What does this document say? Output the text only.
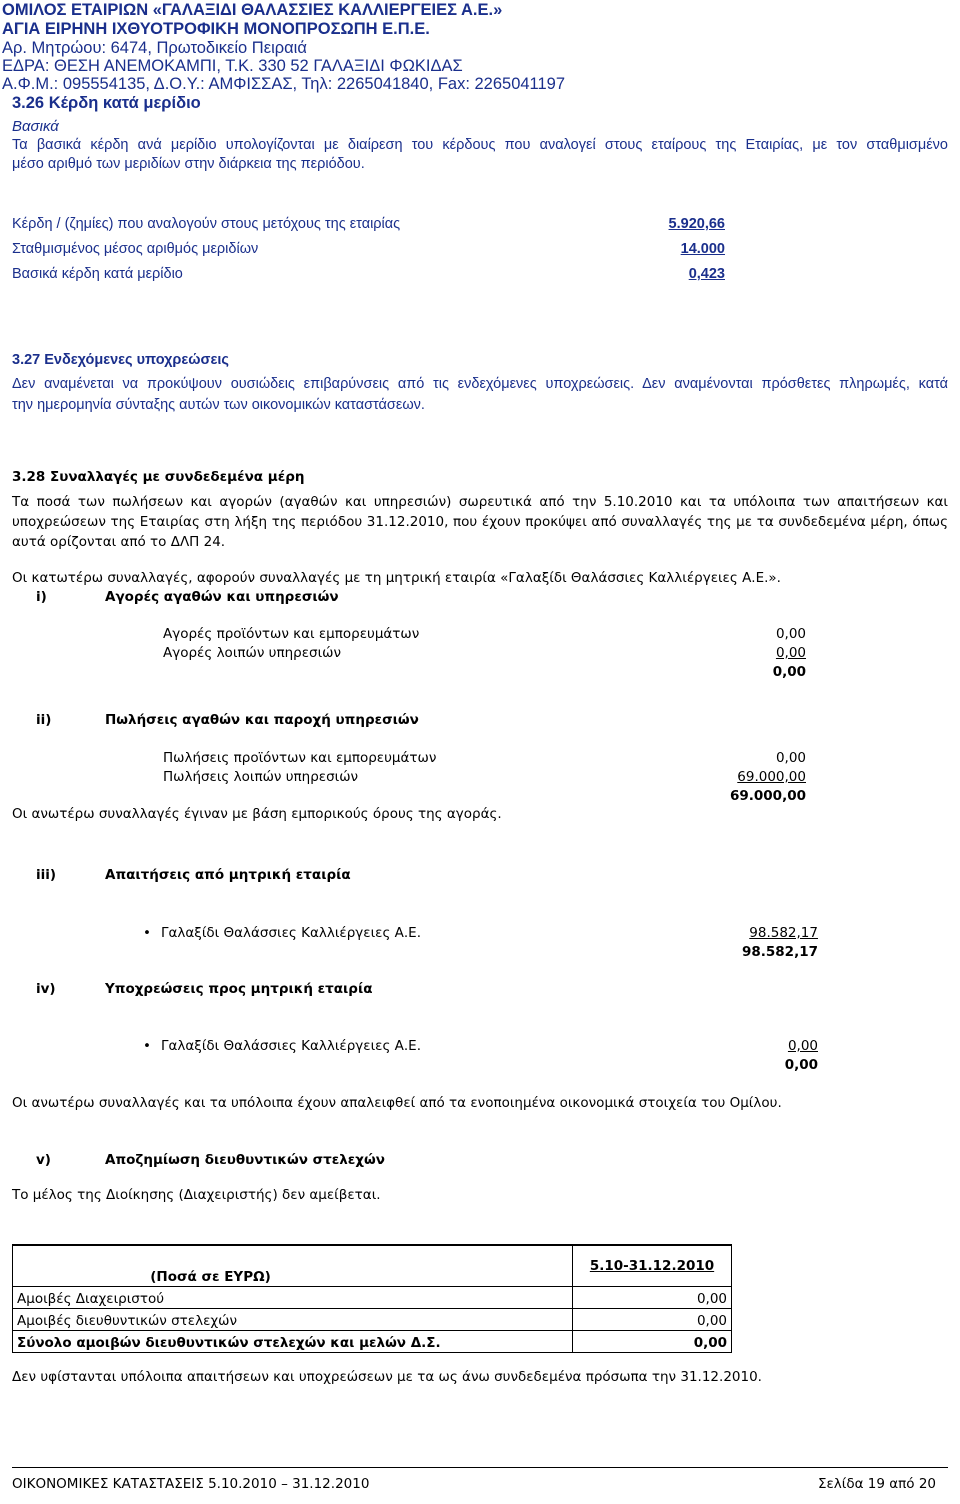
ΟΜΙΛΟΣ ΕΤΑΙΡΙΩΝ «ΓΑΛΑΞΙΔΙ ΘΑΛΑΣΣΙΕΣ ΚΑΛΛΙΕΡΓΕΙΕΣ Α.Ε.»
ΑΓΙΑ ΕΙΡΗΝΗ ΙΧΘΥΟΤΡΟΦΙΚΗ ΜΟΝΟΠΡΟΣΩΠΗ Ε.Π.Ε.
Αρ. Μητρώου: 6474, Πρωτοδικείο Πειραιά
ΕΔΡΑ: ΘΕΣΗ ΑΝΕΜΟΚΑΜΠΙ, Τ.Κ. 330 52 ΓΑΛΑΞΙΔΙ ΦΩΚΙΔΑΣ
Α.Φ.Μ.: 095554135, Δ.Ο.Υ.: ΑΜΦΙΣΣΑΣ, Τηλ: 2265041840, Fax: 2265041197
3.26 Κέρδη κατά μερίδιο
Βασικά
Τα βασικά κέρδη ανά μερίδιο υπολογίζονται με διαίρεση του κέρδους που αναλογεί στους εταίρους της Εταιρίας, με τον σταθμισμένο
μέσο αριθμό των μεριδίων στην διάρκεια της περιόδου.
Κέρδη / (ζημίες) που αναλογούν στους μετόχους της εταιρίας	5.920,66
Σταθμισμένος μέσος αριθμός μεριδίων	14.000
Βασικά κέρδη κατά μερίδιο	0,423
3.27 Ενδεχόμενες υποχρεώσεις
Δεν αναμένεται να προκύψουν ουσιώδεις επιβαρύνσεις από τις ενδεχόμενες υποχρεώσεις. Δεν αναμένονται πρόσθετες πληρωμές, κατά
την ημερομηνία σύνταξης αυτών των οικονομικών καταστάσεων.
3.28 Συναλλαγές με συνδεδεμένα μέρη
Τα ποσά των πωλήσεων και αγορών (αγαθών και υπηρεσιών) σωρευτικά από την 5.10.2010 και τα υπόλοιπα των απαιτήσεων και
υποχρεώσεων της Εταιρίας στη λήξη της περιόδου 31.12.2010, που έχουν προκύψει από συναλλαγές της με τα συνδεδεμένα μέρη, όπως
αυτά ορίζονται από το ΔΛΠ 24.
Οι κατωτέρω συναλλαγές, αφορούν συναλλαγές με τη μητρική εταιρία «Γαλαξίδι Θαλάσσιες Καλλιέργειες Α.Ε.».
i)	Αγορές αγαθών και υπηρεσιών
Αγορές προϊόντων και εμπορευμάτων	0,00
Αγορές λοιπών υπηρεσιών	0,00
0,00
ii)	Πωλήσεις αγαθών και παροχή υπηρεσιών
Πωλήσεις προϊόντων και εμπορευμάτων	0,00
Πωλήσεις λοιπών υπηρεσιών	69.000,00
69.000,00
Οι ανωτέρω συναλλαγές έγιναν με βάση εμπορικούς όρους της αγοράς.
iii)	Απαιτήσεις από μητρική εταιρία
• Γαλαξίδι Θαλάσσιες Καλλιέργειες Α.Ε.	98.582,17
98.582,17
iv)	Υποχρεώσεις προς μητρική εταιρία
• Γαλαξίδι Θαλάσσιες Καλλιέργειες Α.Ε.	0,00
0,00
Οι ανωτέρω συναλλαγές και τα υπόλοιπα έχουν απαλειφθεί από τα ενοποιημένα οικονομικά στοιχεία του Ομίλου.
v)	Αποζημίωση διευθυντικών στελεχών
Το μέλος της Διοίκησης (Διαχειριστής) δεν αμείβεται.
(Ποσά σε ΕΥΡΩ)	5.10-31.12.2010
Αμοιβές Διαχειριστού	0,00
Αμοιβές διευθυντικών στελεχών	0,00
Σύνολο αμοιβών διευθυντικών στελεχών και μελών Δ.Σ.	0,00
Δεν υφίστανται υπόλοιπα απαιτήσεων και υποχρεώσεων με τα ως άνω συνδεδεμένα πρόσωπα την 31.12.2010.
ΟΙΚΟΝΟΜΙΚΕΣ ΚΑΤΑΣΤΑΣΕΙΣ 5.10.2010 – 31.12.2010	Σελίδα 19 από 20
